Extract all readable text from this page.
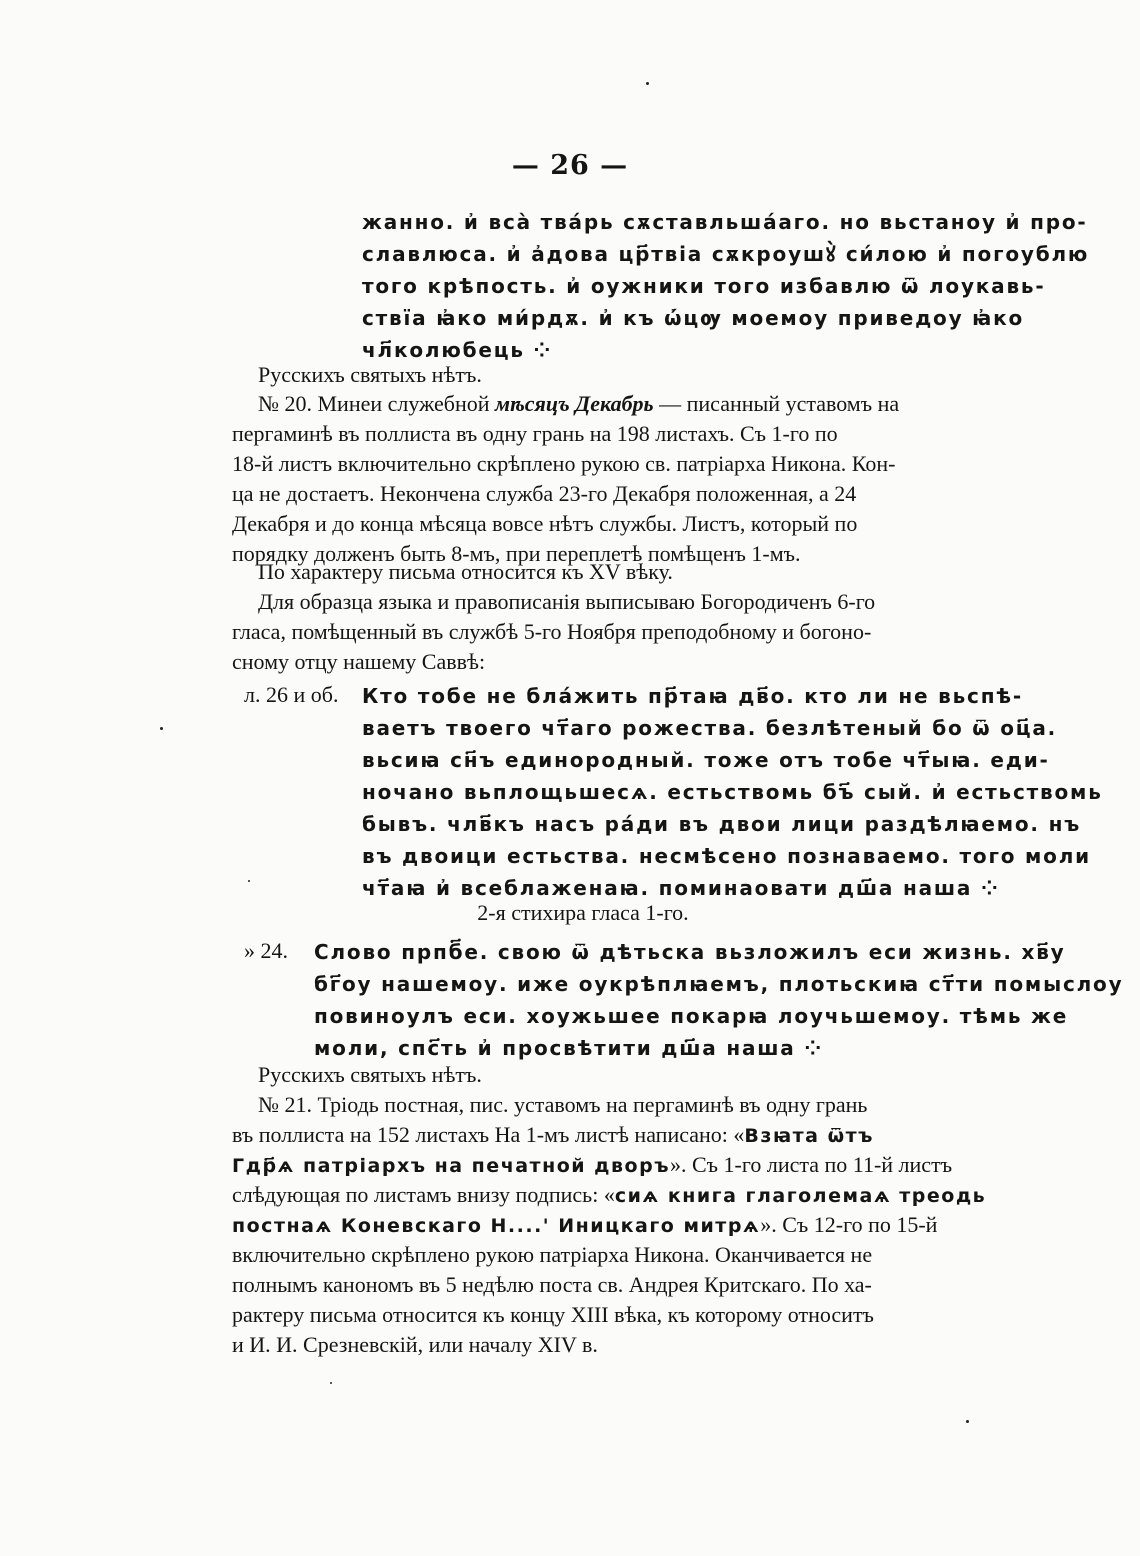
— 26 —
жанно. и҆ вса̀ тва́рь сѫставльша́аго. но вьстаноу и҆ про-
славлюса. и҆ а҆дова цр҃твіа сѫкроушꙋ̀ си́лою и҆ погоублю
того крѣпость. и҆ оужники того избавлю ѿ лоукавь-
ствїа ꙗ҆ко ми́рдѫ. и҆ къ ѡ҆́цѹ моемоу приведоу ꙗ҆ко
чл҃колюбець ⁘
Русскихъ святыхъ нѣтъ.
№ 20. Минеи служебной мѣсяцъ Декабрь — писанный уставомъ на
пергаминѣ въ поллиста въ одну грань на 198 листахъ. Съ 1-го по
18-й листъ включительно скрѣплено рукою св. патріарха Никона. Кон-
ца не достаетъ. Некончена служба 23-го Декабря положенная, а 24
Декабря и до конца мѣсяца вовсе нѣтъ службы. Листъ, который по
порядку долженъ быть 8-мъ, при переплетѣ помѣщенъ 1-мъ.
По характеру письма относится къ XV вѣку.
Для образца языка и правописанія выписываю Богородиченъ 6-го
гласа, помѣщенный въ службѣ 5-го Ноября преподобному и богоно-
сному отцу нашему Саввѣ:
л. 26 и об. Кто тобе не бла́жить пр҃таꙗ дв҃о. кто ли не вьспѣ-
ваетъ твоего чт҃аго рожества. безлѣтеный бо ѿ оц҃а.
вьсиꙗ сн҃ъ единородный. тоже отъ тобе чт҃ыꙗ. еди-
ночано вьплощьшесѧ. естьствомь бъ҃ сый. и҆ естьствомь
бывъ. члв҃къ насъ ра́ди въ двои лици раздѣлꙗемо. нъ
въ двоици естьства. несмѣсено познаваемо. того моли
чт҃аꙗ и҆ всеблаженаꙗ. поминаовати дш҃а наша ⁘
2-я стихира гласа 1-го.
» 24. Слово прпб҃е. свою ѿ дѣтьска вьзложилъ еси жизнь. хв҃у
бг҃оу нашемоу. иже оукрѣплꙗемъ, плотьскиꙗ ст҃ти помыслоу
повиноулъ еси. хоужьшее покарꙗ лоучьшемоу. тѣмь же
моли, спс҃ть и҆ просвѣтити дш҃а наша ⁘
Русскихъ святыхъ нѣтъ.
№ 21. Тріодь постная, пис. уставомъ на пергаминѣ въ одну грань
въ поллиста на 152 листахъ На 1-мъ листѣ написано: «Взꙗта ѿтъ
Гдр҃ѧ патріархъ на печатной дворъ». Съ 1-го листа по 11-й листъ
слѣдующая по листамъ внизу подпись: «сиѧ книга глаголемаѧ треодь
постнаѧ Коневскаго Н....' Иницкаго митрѧ». Съ 12-го по 15-й
включительно скрѣплено рукою патріарха Никона. Оканчивается не
полнымъ канономъ въ 5 недѣлю поста св. Андрея Критскаго. По ха-
рактеру письма относится къ концу XIII вѣка, къ которому относитъ
и И. И. Срезневскій, или началу XIV в.
